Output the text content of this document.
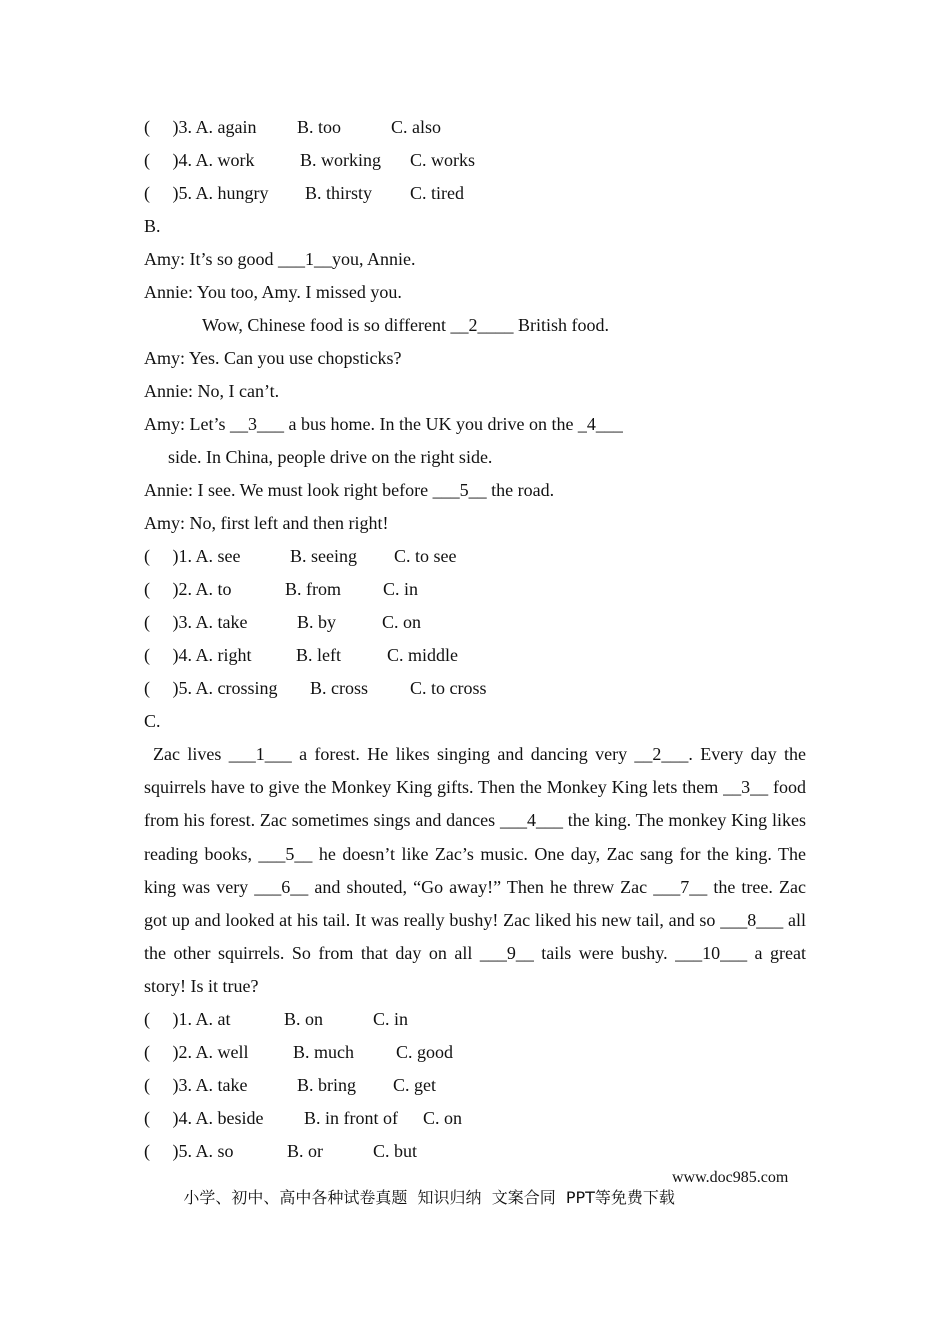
(     )3. A. again B. too	C. also
(     )4. A. work	B. working C. works
(     )5. A. hungry B. thirsty C. tired

B.

Amy: It’s so good ___1__you, Annie.

Annie: You too, Amy. I missed you.

Wow, Chinese food is so different __2____ British food.

Amy: Yes. Can you use chopsticks?

Annie: No, I can’t.

Amy: Let’s __3___ a bus home. In the UK you drive on the _4___

side. In China, people drive on the right side.

Annie: I see. We must look right before ___5__ the road.

Amy: No, first left and then right!

(     )1. A. see	B. seeing C. to see
(     )2. A. to	B. from C. in
(     )3. A. take	B. by	C. on
(     )4. A. right B. left	C. middle
(     )5. A. crossing B. cross C. to cross

C.

Zac lives ___1___ a forest. He likes singing and dancing very __2___. Every day the squirrels have to give the Monkey King gifts. Then the Monkey King lets them __3__ food from his forest. Zac sometimes sings and dances ___4___ the king. The monkey King likes reading books, ___5__ he doesn’t like Zac’s music. One day, Zac sang for the king. The king was very ___6__ and shouted, “Go away!” Then he threw Zac ___7__ the tree. Zac got up and looked at his tail. It was really bushy! Zac liked his new tail, and so ___8___ all the other squirrels. So from that day on all ___9__ tails were bushy. ___10___ a great story! Is it true?

(     )1. A. at	B. on	C. in
(     )2. A. well B. much C. good
(     )3. A. take	B. bring C. get
(     )4. A. beside B. in front of C. on
(     )5. A. so	B. or	C. but

小学、初中、高中各种试卷真题  知识归纳  文案合同  PPT等免费下载

www.doc985.com
